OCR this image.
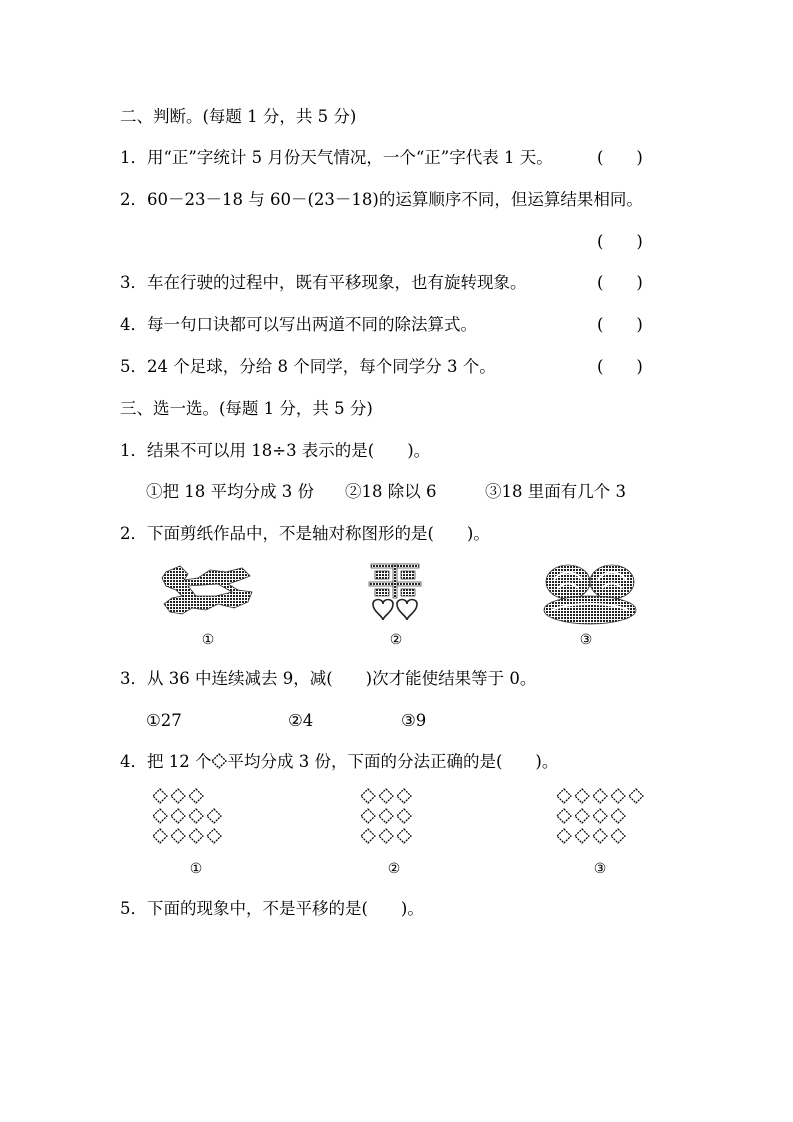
二、判断。(每题 1 分，共 5 分)
1．用“正”字统计 5 月份天气情况，一个“正”字代表 1 天。	(　　)
2．60－23－18 与 60－(23－18)的运算顺序不同，但运算结果相同。
(　　)
3．车在行驶的过程中，既有平移现象，也有旋转现象。	(　　)
4．每一句口诀都可以写出两道不同的除法算式。	(　　)
5．24 个足球，分给 8 个同学，每个同学分 3 个。	(　　)
三、选一选。(每题 1 分，共 5 分)
1．结果不可以用 18÷3 表示的是(　　)。
①把 18 平均分成 3 份 ②18 除以 6	③18 里面有几个 3
2．下面剪纸作品中，不是轴对称图形的是(　　)。
①	②	③
3．从 36 中连续减去 9，减(　　)次才能使结果等于 0。
①27	②4	③9
4．把 12 个 平均分成 3 份，下面的分法正确的是(　　)。
①	②	③
5．下面的现象中，不是平移的是(　　)。
